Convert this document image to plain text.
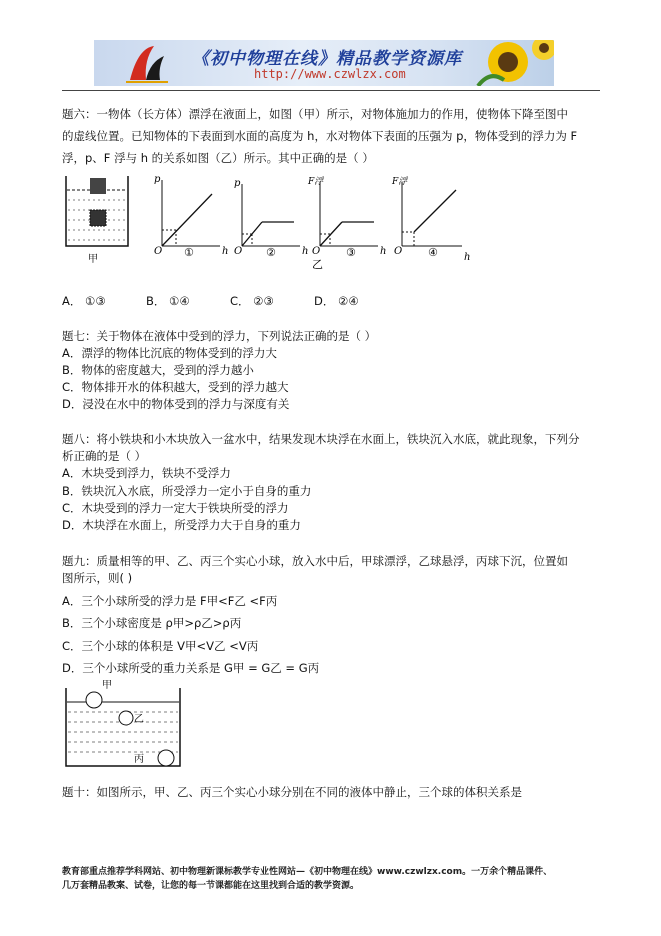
《初中物理在线》精品教学资源库
http://www.czwlzx.com
题六：一物体（长方体）漂浮在液面上，如图（甲）所示，对物体施加力的作用，使物体下降至图中
的虚线位置。已知物体的下表面到水面的高度为 h，水对物体下表面的压强为 p，物体受到的浮力为 F
浮，p、F 浮与 h 的关系如图（乙）所示。其中正确的是（ ）
甲
p
O	h
①
p
O	h
②
F浮
O	h
③
乙
F浮
O
h
④
A． ①③	B． ①④	C． ②③	D． ②④
题七：关于物体在液体中受到的浮力，下列说法正确的是（ ）
A．漂浮的物体比沉底的物体受到的浮力大
B．物体的密度越大，受到的浮力越小
C．物体排开水的体积越大，受到的浮力越大
D．浸没在水中的物体受到的浮力与深度有关
题八：将小铁块和小木块放入一盆水中，结果发现木块浮在水面上，铁块沉入水底，就此现象，下列分
析正确的是（ ）
A．木块受到浮力，铁块不受浮力
B．铁块沉入水底，所受浮力一定小于自身的重力
C．木块受到的浮力一定大于铁块所受的浮力
D．木块浮在水面上，所受浮力大于自身的重力
题九：质量相等的甲、乙、丙三个实心小球，放入水中后，甲球漂浮，乙球悬浮，丙球下沉，位置如
图所示，则( )
A．三个小球所受的浮力是 F甲<F乙 <F丙
B．三个小球密度是 ρ甲>ρ乙>ρ丙
C．三个小球的体积是 V甲<V乙 <V丙
D．三个小球所受的重力关系是 G甲 = G乙 = G丙
甲
乙
丙
题十：如图所示，甲、乙、丙三个实心小球分别在不同的液体中静止，三个球的体积关系是
教育部重点推荐学科网站、初中物理新课标教学专业性网站—《初中物理在线》www.czwlzx.com。一万余个精品课件、
几万套精品教案、试卷，让您的每一节课都能在这里找到合适的教学资源。
